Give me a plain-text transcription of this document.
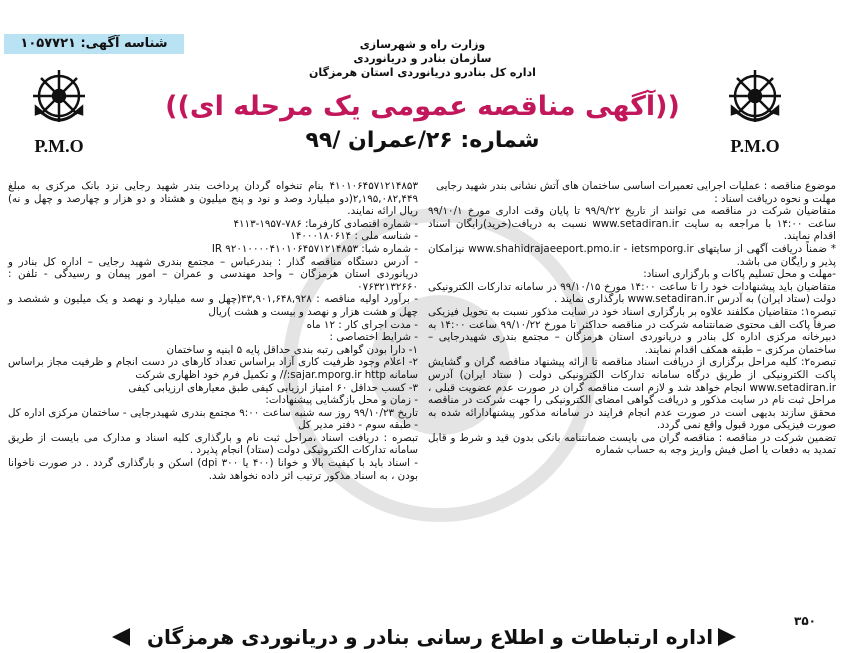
شناسه آگهی: ۱۰۵۷۷۲۱	وزارت راه و شهرسازی
سازمان بنادر و دریانوردی
اداره کل بنادرو دریانوردی استان هرمزگان
((آگهی مناقصه عمومی یک مرحله ای))
شماره: ۲۶/عمران /۹۹
P.M.O	P.M.O

موضوع مناقصه : عملیات اجرایی تعمیرات اساسی ساختمان های آتش نشانی بندر شهید رجایی

مهلت و نحوه دریافت اسناد :

متقاضیان شرکت در مناقصه می توانند از تاریخ ۹۹/۹/۲۲ تا پایان وقت اداری مورخ ۹۹/۱۰/۱ ساعت ۱۴:۰۰ با مراجعه به سایت www.setadiran.ir نسبت به دریافت(خرید)رایگان اسناد اقدام نمایند.

* ضمناً دریافت آگهی از سایتهای www.shahidrajaeeport.pmo.ir - ietsmporg.ir نیزامکان پذیر و رایگان می باشد.

-مهلت و محل تسلیم پاکات و بارگزاری اسناد:

متقاضیان باید پیشنهادات خود را تا ساعت ۱۴:۰۰ مورخ ۹۹/۱۰/۱۵ در سامانه تدارکات الکترونیکی دولت (ستاد ایران) به آدرس www.setadiran.ir بارگذاری نمایند .

تبصره۱: متقاضیان مکلفند علاوه بر بارگزاری اسناد خود در سایت مذکور نسبت به تحویل فیزیکی صرفاً پاکت الف محتوی ضمانتنامه شرکت در مناقصه حداکثر تا مورخ ۹۹/۱۰/۲۲ ساعت ۱۴:۰۰ به دبیرخانه مرکزی اداره کل بنادر و دریانوردی استان هرمزگان – مجتمع بندری شهیدرجایی – ساختمان مرکزی – طبقه همکف اقدام نمایند.

تبصره۲: کلیه مراحل برگزاری از دریافت اسناد مناقصه تا ارائه پیشنهاد مناقصه گران و گشایش پاکت الکترونیکی از طریق درگاه سامانه تدارکات الکترونیکی دولت ( ستاد ایران) آدرس www.setadiran.ir انجام خواهد شد و لازم است مناقصه گران در صورت عدم عضویت قبلی ، مراحل ثبت نام در سایت مذکور و دریافت گواهی امضای الکترونیکی را جهت شرکت در مناقصه محقق سازند بدیهی است در صورت عدم انجام فرایند در سامانه مذکور پیشنهادارائه شده به صورت فیزیکی مورد قبول واقع نمی گردد.

تضمین شرکت در مناقصه : مناقصه گران می بایست ضمانتنامه بانکی بدون قید و شرط و قابل تمدید به دفعات یا اصل فیش واریز وجه به حساب شماره

۴۱۰۱۰۶۴۵۷۱۲۱۴۸۵۳ بنام تنخواه گردان پرداخت بندر شهید رجایی نزد بانک مرکزی به مبلغ ۲,۱۹۵,۰۸۲,۴۴۹(دو میلیارد وصد و نود و پنج میلیون و هشتاد و دو هزار و چهارصد و چهل و نه) ریال ارائه نمایند.

- شماره اقتصادی کارفرما: ۷۸۶-۱۹۵۷-۴۱۱۳

- شناسه ملی : ۱۴۰۰۰۱۸۰۶۱۴

- شماره شبا: IR ۹۲۰۱۰۰۰۰۴۱۰۱۰۶۴۵۷۱۲۱۴۸۵۳

- آدرس دستگاه مناقصه گذار : بندرعباس – مجتمع بندری شهید رجایی – اداره کل بنادر و دریانوردی استان هرمزگان – واحد مهندسی و عمران – امور پیمان و رسیدگی - تلفن : ۰۷۶۳۲۱۳۲۶۶۰

- برآورد اولیه مناقصه : ۴۳,۹۰۱,۶۴۸,۹۲۸(چهل و سه میلیارد و نهصد و یک میلیون و ششصد و چهل و هشت هزار و نهصد و بیست و هشت )ریال

- مدت اجرای کار : ۱۲ ماه

- شرایط اختصاصی :

۱- دارا بودن گواهی رتبه بندی حداقل پایه ۵ ابنیه و ساختمان

۲- اعلام وجود ظرفیت کاری آزاد براساس تعداد کارهای در دست انجام و ظرفیت مجاز براساس سامانه sajar.mporg.ir http:// و تکمیل فرم خود اظهاری شرکت

۳- کسب حداقل ۶۰ امتیاز ارزیابی کیفی طبق معیارهای ارزیابی کیفی

- زمان و محل بازگشایی پیشنهادات:

تاریخ ۹۹/۱۰/۲۳ روز سه شنبه ساعت ۹:۰۰ مجتمع بندری شهیدرجایی - ساختمان مرکزی اداره کل - طبقه سوم - دفتر مدیر کل

تبصره : دریافت اسناد ،مراحل ثبت نام و بارگذاری کلیه اسناد و مدارک می بایست از طریق سامانه تدارکات الکترونیکی دولت (ستاد) انجام پذیرد .

- اسناد باید با کیفیت بالا و خوانا (۴۰۰ یا ۳۰۰ dpi) اسکن و بارگذاری گردد . در صورت ناخوانا بودن ، به اسناد مذکور ترتیب اثر داده نخواهد شد.

۳۵۰
اداره ارتباطات و اطلاع رسانی بنادر و دریانوردی هرمزگان
